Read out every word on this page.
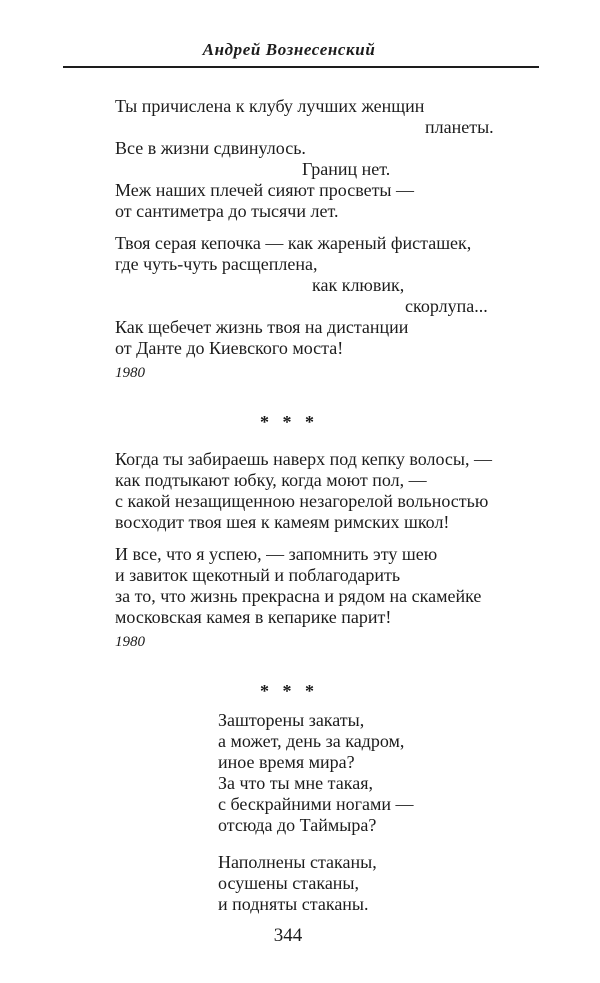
Андрей Вознесенский
Ты причислена к клубу лучших женщин
планеты.
Все в жизни сдвинулось.
Границ нет.
Меж наших плечей сияют просветы —
от сантиметра до тысячи лет.
Твоя серая кепочка — как жареный фисташек,
где чуть-чуть расщеплена,
как клювик,
скорлупа...
Как щебечет жизнь твоя на дистанции
от Данте до Киевского моста!
1980
* * *
Когда ты забираешь наверх под кепку волосы, —
как подтыкают юбку, когда моют пол, —
с какой незащищенною незагорелой вольностью
восходит твоя шея к камеям римских школ!
И все, что я успею, — запомнить эту шею
и завиток щекотный и поблагодарить
за то, что жизнь прекрасна и рядом на скамейке
московская камея в кепарике парит!
1980
* * *
Зашторены закаты,
а может, день за кадром,
иное время мира?
За что ты мне такая,
с бескрайними ногами —
отсюда до Таймыра?
Наполнены стаканы,
осушены стаканы,
и подняты стаканы.
344
